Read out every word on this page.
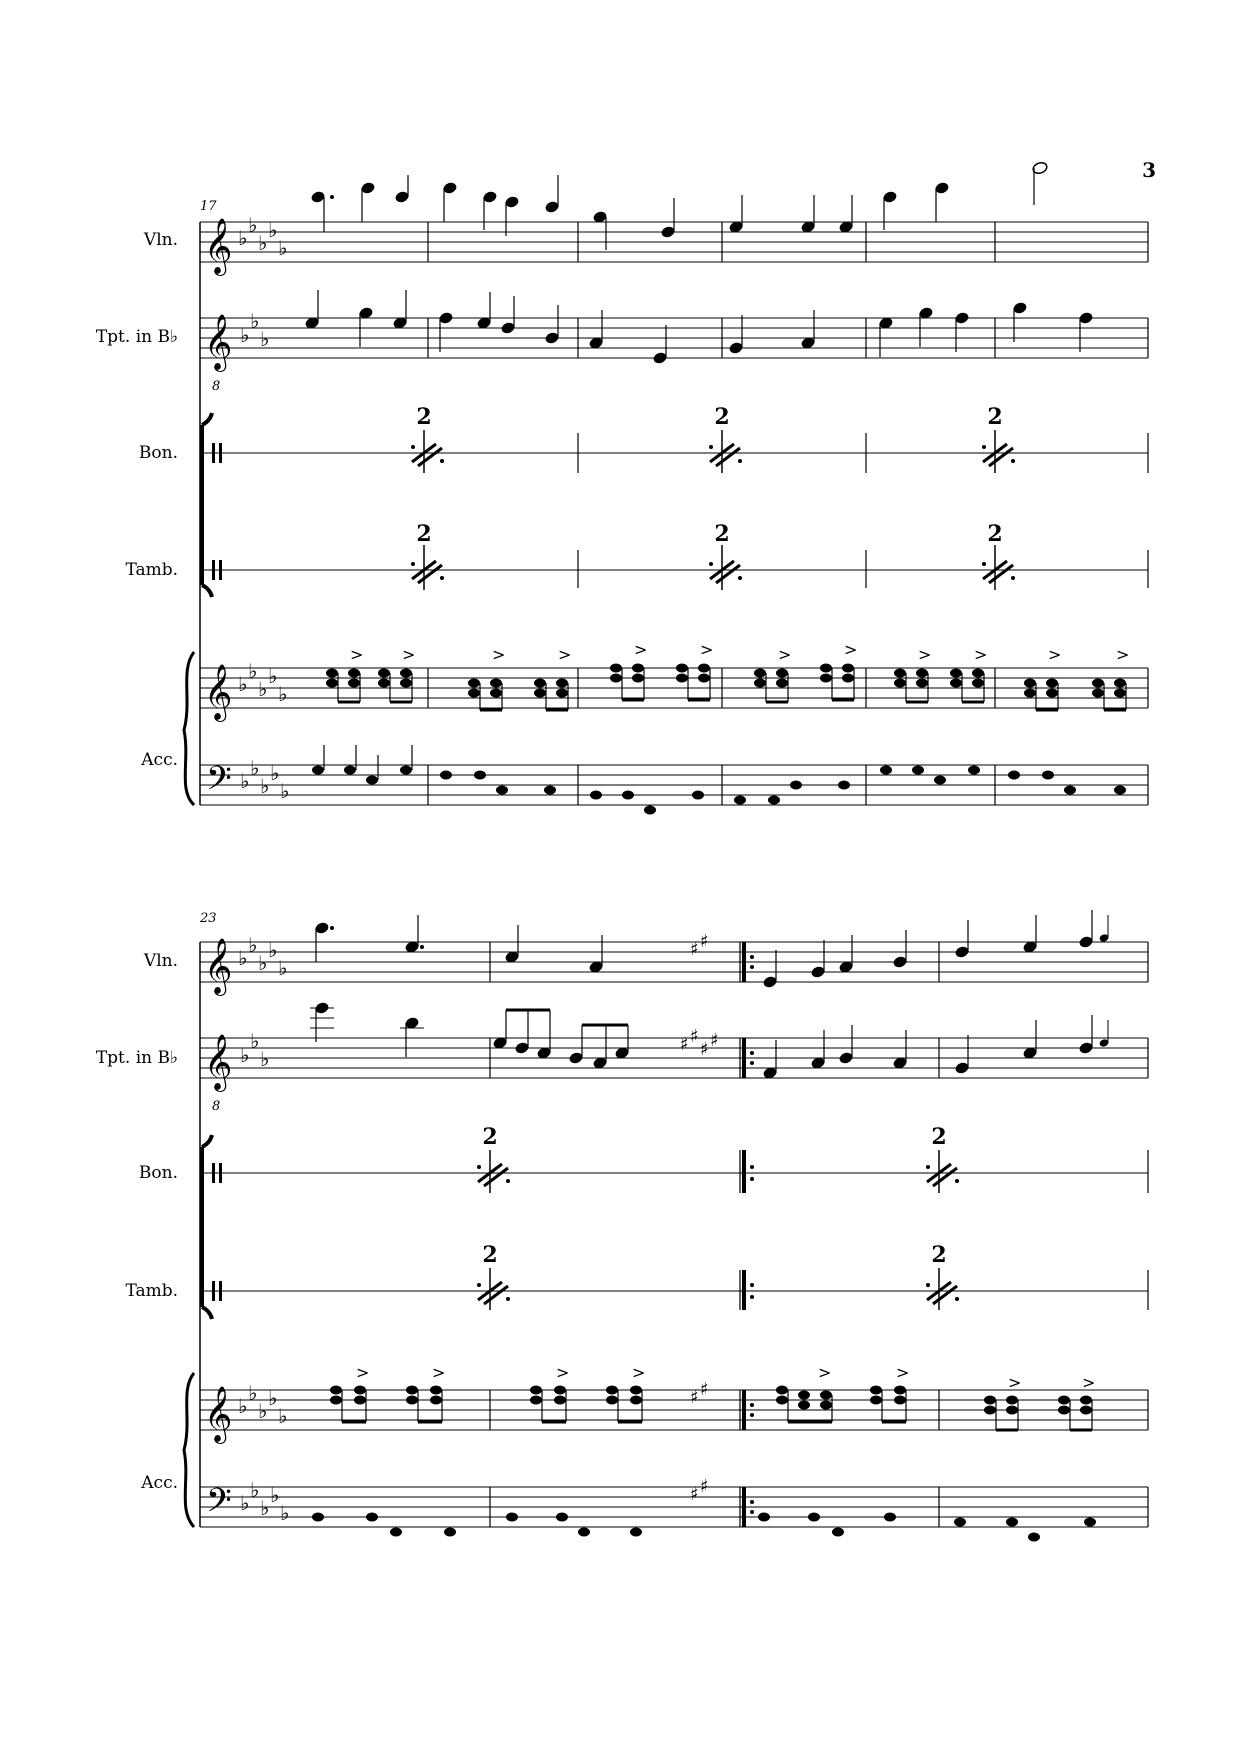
3
17
Vln.
Tpt. in B♭
Bon.
Tamb.
Acc.
𝄞 ♭
♭
♭
♭
♭
𝄞
8
♭
♭
♭
2	2	2
2	2	2
𝄞 ♭
♭
♭
♭
♭
> >	>	>	>	>	>	>	>	>	>	>
𝄢 ♭
♭
♭
♭
♭
23
Vln.
Tpt. in B♭
Bon.
Tamb.
Acc.
𝄞 ♭
♭
♭
♭
♭
♯ ♯
𝄞
8
♭
♭
♭
♯ ♯
♯ ♯
2	2
2	2
𝄞 ♭
♭
♭
♭
♭
♯ ♯
>	>	>	>	>	>
>	>
𝄢 ♭
♭
♭
♭
♭
♯ ♯
